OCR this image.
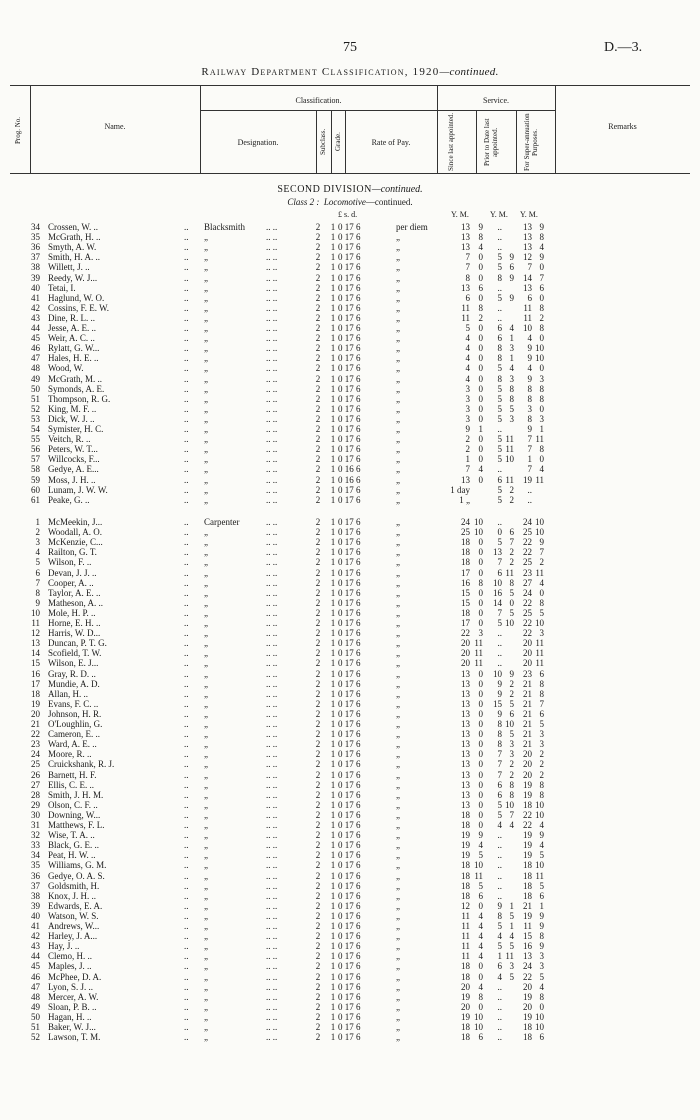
75	D.—3.
Railway Department Classification, 1920—continued.
Prog. No.	Name.
Classification.
Designation.	Subclass. Grade.	Rate of Pay.
Service.
Since last appointed.	Prior to Date last appointed.	For Super-annuation Purposes.
Remarks
SECOND DIVISION—continued.
Class 2 : Locomotive—continued.
£ s. d.	Y. M.	Y. M. Y. M.
..	.. ..
34 Crossen, W. ..	Blacksmith	2	1 0 17 6	per diem	13 9	..	13 9
..	.. ..
35 McGrath, H. ..	„	2	1 0 17 6	„	13 8	..	13 8
..	.. ..
36 Smyth, A. W.	„	2	1 0 17 6	„	13 4	..	13 4
..	.. ..
37 Smith, H. A. ..	„	2	1 0 17 6	„	7 0	5 9	12 9
..	.. ..
38 Willett, J. ..	„	2	1 0 17 6	„	7 0	5 6	7 0
..	.. ..
39 Reedy, W. J...	„	2	1 0 17 6	„	8 0	8 9	14 7
..	.. ..
40 Tetai, I.	„	2	1 0 17 6	„	13 6	..	13 6
..	.. ..
41 Haglund, W. O.	„	2	1 0 17 6	„	6 0	5 9	6 0
..	.. ..
42 Cossins, F. E. W.	„	2	1 0 17 6	„	11 8	..	11 8
..	.. ..
43 Dine, R. L. ..	„	2	1 0 17 6	„	11 2	..	11 2
..	.. ..
44 Jesse, A. E. ..	„	2	1 0 17 6	„	5 0	6 4	10 8
..	.. ..
45 Weir, A. C. ..	„	2	1 0 17 6	„	4 0	6 1	4 0
..	.. ..
46 Rylatt, G. W...	„	2	1 0 17 6	„	4 0	8 3	9 10
..	.. ..
47 Hales, H. E. ..	„	2	1 0 17 6	„	4 0	8 1	9 10
..	.. ..
48 Wood, W.	„	2	1 0 17 6	„	4 0	5 4	4 0
..	.. ..
49 McGrath, M. ..	„	2	1 0 17 6	„	4 0	8 3	9 3
..	.. ..
50 Symonds, A. E.	„	2	1 0 17 6	„	3 0	5 8	8 8
..	.. ..
51 Thompson, R. G.	„	2	1 0 17 6	„	3 0	5 8	8 8
..	.. ..
52 King, M. F. ..	„	2	1 0 17 6	„	3 0	5 5	3 0
..	.. ..
53 Dick, W. J. ..	„	2	1 0 17 6	„	3 0	5 3	8 3
..	.. ..
54 Symister, H. C.	„	2	1 0 17 6	„	9 1	..	9 1
..	.. ..
55 Veitch, R. ..	„	2	1 0 17 6	„	2 0	5 11	7 11
..	.. ..
56 Peters, W. T...	„	2	1 0 17 6	„	2 0	5 11	7 8
..	.. ..
57 Willcocks, F...	„	2	1 0 17 6	„	1 0	5 10	1 0
..	.. ..
58 Gedye, A. E...	„	2	1 0 16 6	„	7 4	..	7 4
..	.. ..
59 Moss, J. H. ..	„	2	1 0 16 6	„	13 0	6 11	19 11
..	.. ..
60 Lunam, J. W. W.	„	2	1 0 17 6	„	1 day	5 2	..
..	.. ..
61 Peake, G. ..	„	2	1 0 17 6	„	1 „	5 2	..
..	.. ..
1 McMeekin, J...	Carpenter	2	1 0 17 6	„	24 10	..	24 10
..	.. ..
2 Woodall, A. O.	„	2	1 0 17 6	„	25 10	0 6	25 10
..	.. ..
3 McKenzie, C...	„	2	1 0 17 6	„	18 0	5 7	22 9
..	.. ..
4 Railton, G. T.	„	2	1 0 17 6	„	18 0	13 2	22 7
..	.. ..
5 Wilson, F. ..	„	2	1 0 17 6	„	18 0	7 2	25 2
..	.. ..
6 Devan, J. J. ..	„	2	1 0 17 6	„	17 0	6 11	23 11
..	.. ..
7 Cooper, A. ..	„	2	1 0 17 6	„	16 8	10 8	27 4
..	.. ..
8 Taylor, A. E. ..	„	2	1 0 17 6	„	15 0	16 5	24 0
..	.. ..
9 Matheson, A. ..	„	2	1 0 17 6	„	15 0	14 0	22 8
..	.. ..
10 Mole, H. P. ..	„	2	1 0 17 6	„	18 0	7 5	25 5
..	.. ..
11 Horne, E. H. ..	„	2	1 0 17 6	„	17 0	5 10	22 10
..	.. ..
12 Harris, W. D...	„	2	1 0 17 6	„	22 3	..	22 3
..	.. ..
13 Duncan, P. T. G.	„	2	1 0 17 6	„	20 11	..	20 11
..	.. ..
14 Scofield, T. W.	„	2	1 0 17 6	„	20 11	..	20 11
..	.. ..
15 Wilson, E. J...	„	2	1 0 17 6	„	20 11	..	20 11
..	.. ..
16 Gray, R. D. ..	„	2	1 0 17 6	„	13 0	10 9	23 6
..	.. ..
17 Mundie, A. D.	„	2	1 0 17 6	„	13 0	9 2	21 8
..	.. ..
18 Allan, H. ..	„	2	1 0 17 6	„	13 0	9 2	21 8
..	.. ..
19 Evans, F. C. ..	„	2	1 0 17 6	„	13 0	15 5	21 7
..	.. ..
20 Johnson, H. R.	„	2	1 0 17 6	„	13 0	9 6	21 6
..	.. ..
21 O'Loughlin, G.	„	2	1 0 17 6	„	13 0	8 10	21 5
..	.. ..
22 Cameron, E. ..	„	2	1 0 17 6	„	13 0	8 5	21 3
..	.. ..
23 Ward, A. E. ..	„	2	1 0 17 6	„	13 0	8 3	21 3
..	.. ..
24 Moore, R. ..	„	2	1 0 17 6	„	13 0	7 3	20 2
..	.. ..
25 Cruickshank, R. J.	„	2	1 0 17 6	„	13 0	7 2	20 2
..	.. ..
26 Barnett, H. F.	„	2	1 0 17 6	„	13 0	7 2	20 2
..	.. ..
27 Ellis, C. E. ..	„	2	1 0 17 6	„	13 0	6 8	19 8
..	.. ..
28 Smith, J. H. M.	„	2	1 0 17 6	„	13 0	6 8	19 8
..	.. ..
29 Olson, C. F. ..	„	2	1 0 17 6	„	13 0	5 10	18 10
..	.. ..
30 Downing, W...	„	2	1 0 17 6	„	18 0	5 7	22 10
..	.. ..
31 Matthews, F. L.	„	2	1 0 17 6	„	18 0	4 4	22 4
..	.. ..
32 Wise, T. A. ..	„	2	1 0 17 6	„	19 9	..	19 9
..	.. ..
33 Black, G. E. ..	„	2	1 0 17 6	„	19 4	..	19 4
..	.. ..
34 Peat, H. W. ..	„	2	1 0 17 6	„	19 5	..	19 5
..	.. ..
35 Williams, G. M.	„	2	1 0 17 6	„	18 10	..	18 10
..	.. ..
36 Gedye, O. A. S.	„	2	1 0 17 6	„	18 11	..	18 11
..	.. ..
37 Goldsmith, H.	„	2	1 0 17 6	„	18 5	..	18 5
..	.. ..
38 Knox, J. H. ..	„	2	1 0 17 6	„	18 6	..	18 6
..	.. ..
39 Edwards, E. A.	„	2	1 0 17 6	„	12 0	9 1	21 1
..	.. ..
40 Watson, W. S.	„	2	1 0 17 6	„	11 4	8 5	19 9
..	.. ..
41 Andrews, W...	„	2	1 0 17 6	„	11 4	5 1	11 9
..	.. ..
42 Harley, J. A...	„	2	1 0 17 6	„	11 4	4 4	15 8
..	.. ..
43 Hay, J. ..	„	2	1 0 17 6	„	11 4	5 5	16 9
..	.. ..
44 Clemo, H. ..	„	2	1 0 17 6	„	11 4	1 11	13 3
..	.. ..
45 Maples, J. ..	„	2	1 0 17 6	„	18 0	6 3	24 3
..	.. ..
46 McPhee, D. A.	„	2	1 0 17 6	„	18 0	4 5	22 5
..	.. ..
47 Lyon, S. J. ..	„	2	1 0 17 6	„	20 4	..	20 4
..	.. ..
48 Mercer, A. W.	„	2	1 0 17 6	„	19 8	..	19 8
..	.. ..
49 Sloan, P. B. ..	„	2	1 0 17 6	„	20 0	..	20 0
..	.. ..
50 Hagan, H. ..	„	2	1 0 17 6	„	19 10	..	19 10
..	.. ..
51 Baker, W. J...	„	2	1 0 17 6	„	18 10	..	18 10
..	.. ..
52 Lawson, T. M.	„	2	1 0 17 6	„	18 6	..	18 6
